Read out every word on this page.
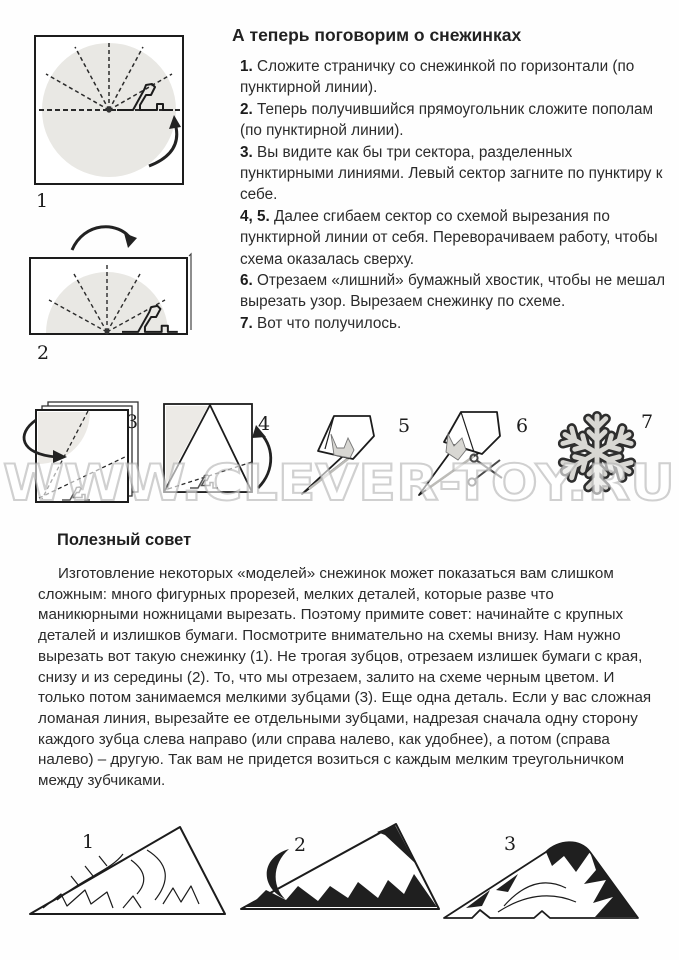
1
А теперь поговорим о снежинках

1. Сложите страничку со снежинкой по горизонтали (по пунктирной линии).

2. Теперь получившийся прямоугольник сложите пополам (по пунктирной линии).

3. Вы видите как бы три сектора, разделенных пунктирными линиями. Левый сектор загните по пунктиру к себе.

4, 5. Далее сгибаем сектор со схемой вырезания по пунктирной линии от себя. Переворачиваем работу, чтобы схема оказалась сверху.

6. Отрезаем «лишний» бумажный хвостик, чтобы не мешал вырезать узор. Вырезаем снежинку по схеме.

7. Вот что получилось.

2
3	4	5	6	7
WWW.CLEVER-TOY.RU
Полезный совет
Изготовление некоторых «моделей» снежинок может показаться вам слишком сложным: много фигурных прорезей, мелких деталей, которые разве что маникюрными ножницами вырезать. Поэтому примите совет: начинайте с крупных деталей и излишков бумаги. Посмотрите внимательно на схемы внизу. Нам нужно вырезать вот такую снежинку (1). Не трогая зубцов, отрезаем излишек бумаги с края, снизу и из середины (2). То, что мы отрезаем, залито на схеме черным цветом. И только потом занимаемся мелкими зубцами (3). Еще одна деталь. Если у вас сложная ломаная линия, вырезайте ее отдельными зубцами, надрезая сначала одну сторону каждого зубца слева направо (или справа налево, как удобнее), а потом (справа налево) – другую. Так вам не придется возиться с каждым мелким треугольничком между зубчиками.
1	2	3
